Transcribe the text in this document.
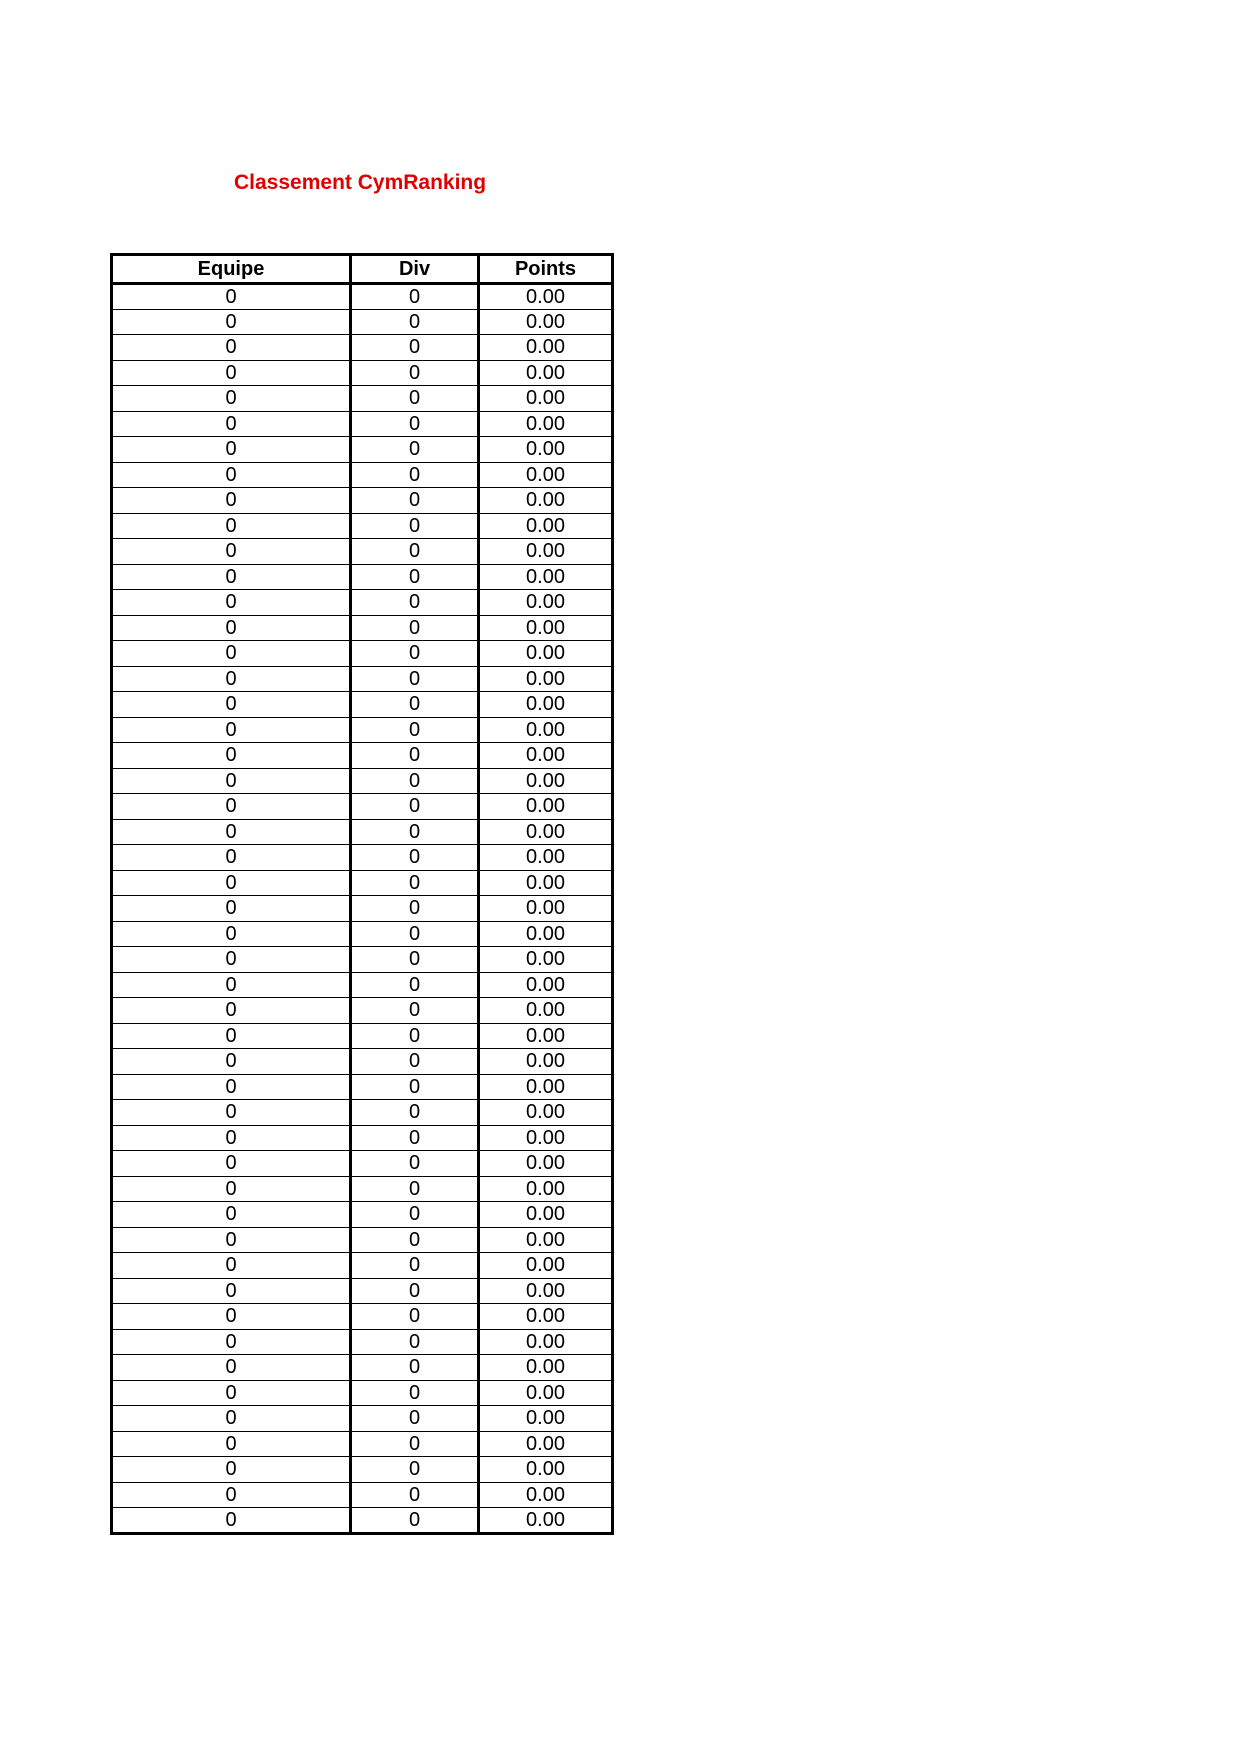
Classement CymRanking
Equipe	Div	Points
0	0	0.00
0	0	0.00
0	0	0.00
0	0	0.00
0	0	0.00
0	0	0.00
0	0	0.00
0	0	0.00
0	0	0.00
0	0	0.00
0	0	0.00
0	0	0.00
0	0	0.00
0	0	0.00
0	0	0.00
0	0	0.00
0	0	0.00
0	0	0.00
0	0	0.00
0	0	0.00
0	0	0.00
0	0	0.00
0	0	0.00
0	0	0.00
0	0	0.00
0	0	0.00
0	0	0.00
0	0	0.00
0	0	0.00
0	0	0.00
0	0	0.00
0	0	0.00
0	0	0.00
0	0	0.00
0	0	0.00
0	0	0.00
0	0	0.00
0	0	0.00
0	0	0.00
0	0	0.00
0	0	0.00
0	0	0.00
0	0	0.00
0	0	0.00
0	0	0.00
0	0	0.00
0	0	0.00
0	0	0.00
0	0	0.00
